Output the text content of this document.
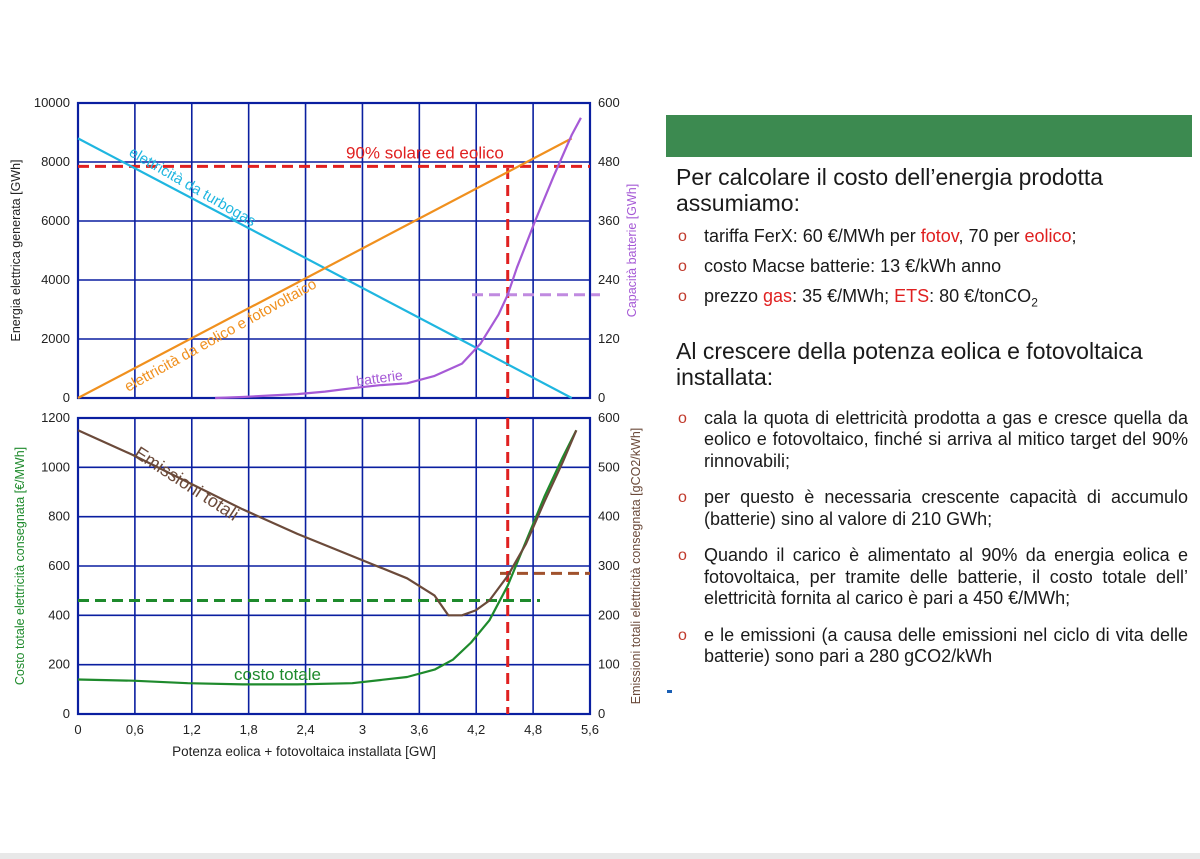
0
2000
4000
6000
8000
10000
0
120
240
360
480
600
Energia elettrica generata [GWh]	Capacità batterie [GWh]
elettricità da turbogas
elettricità da eolico e fotovoltaico	batterie
90% solare ed eolico
0
200
400
600
800
1000
1200
0
100
200
300
400
500
600
0	0,6	1,2	1,8	2,4	3	3,6	4,2	4,8	5,6
Costo totale elettricità consegnata [€/MWh]	Emissioni totali elettricità consegnata [gCO2/kWh]
Potenza eolica + fotovoltaica installata [GW]
costo totale
Emissioni totali

Per calcolare il costo dell’energia prodotta assumiamo:

o tariffa FerX: 60 €/MWh per fotov, 70 per eolico;
o costo Macse batterie: 13 €/kWh anno
o prezzo gas: 35 €/MWh; ETS: 80 €/tonCO$_2$

Al crescere della potenza eolica e fotovoltaica installata:

o cala la quota di elettricità prodotta a gas e cresce quella da eolico e fotovoltaico, finché si arriva al mitico target del 90% rinnovabili;
o per questo è necessaria crescente capacità di accumulo (batterie) sino al valore di 210 GWh;
o Quando il carico è alimentato al 90% da energia eolica e fotovoltaica, per tramite delle batterie, il costo totale dell’ elettricità fornita al carico è pari a 450 €/MWh;
o e le emissioni (a causa delle emissioni nel ciclo di vita delle batterie) sono pari a 280 gCO2/kWh
